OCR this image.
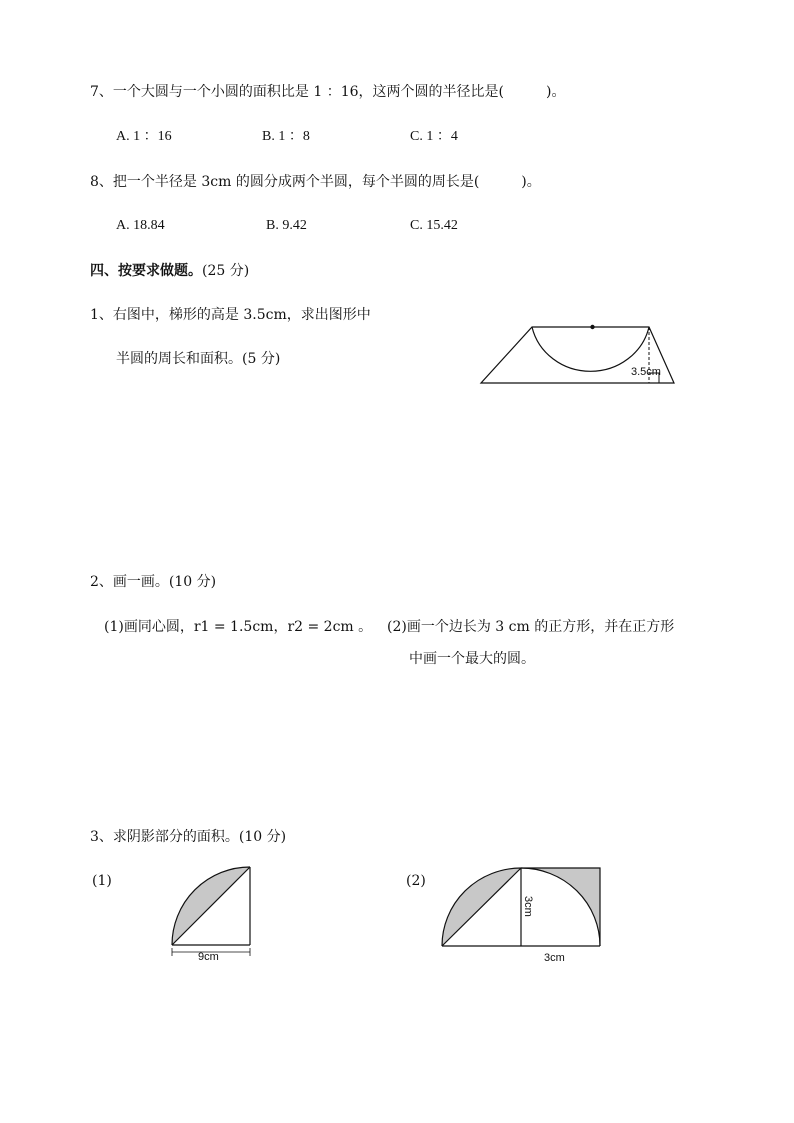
7、一个大圆与一个小圆的面积比是 1 ：16，这两个圆的半径比是(　　　)。
A. 1 ：16	B. 1 ：8	C. 1 ：4
8、把一个半径是 3cm 的圆分成两个半圆，每个半圆的周长是(　　　)。
A. 18.84	B. 9.42	C. 15.42
四、按要求做题。(25 分)
1、右图中，梯形的高是 3.5cm，求出图形中
半圆的周长和面积。(5 分)
3.5cm
2、画一画。(10 分)
(1)画同心圆，r1 = 1.5cm，r2 = 2cm 。 (2)画一个边长为 3 cm 的正方形，并在正方形
中画一个最大的圆。
3、求阴影部分的面积。(10 分)
(1)	(2)
9cm
3cm
3cm
